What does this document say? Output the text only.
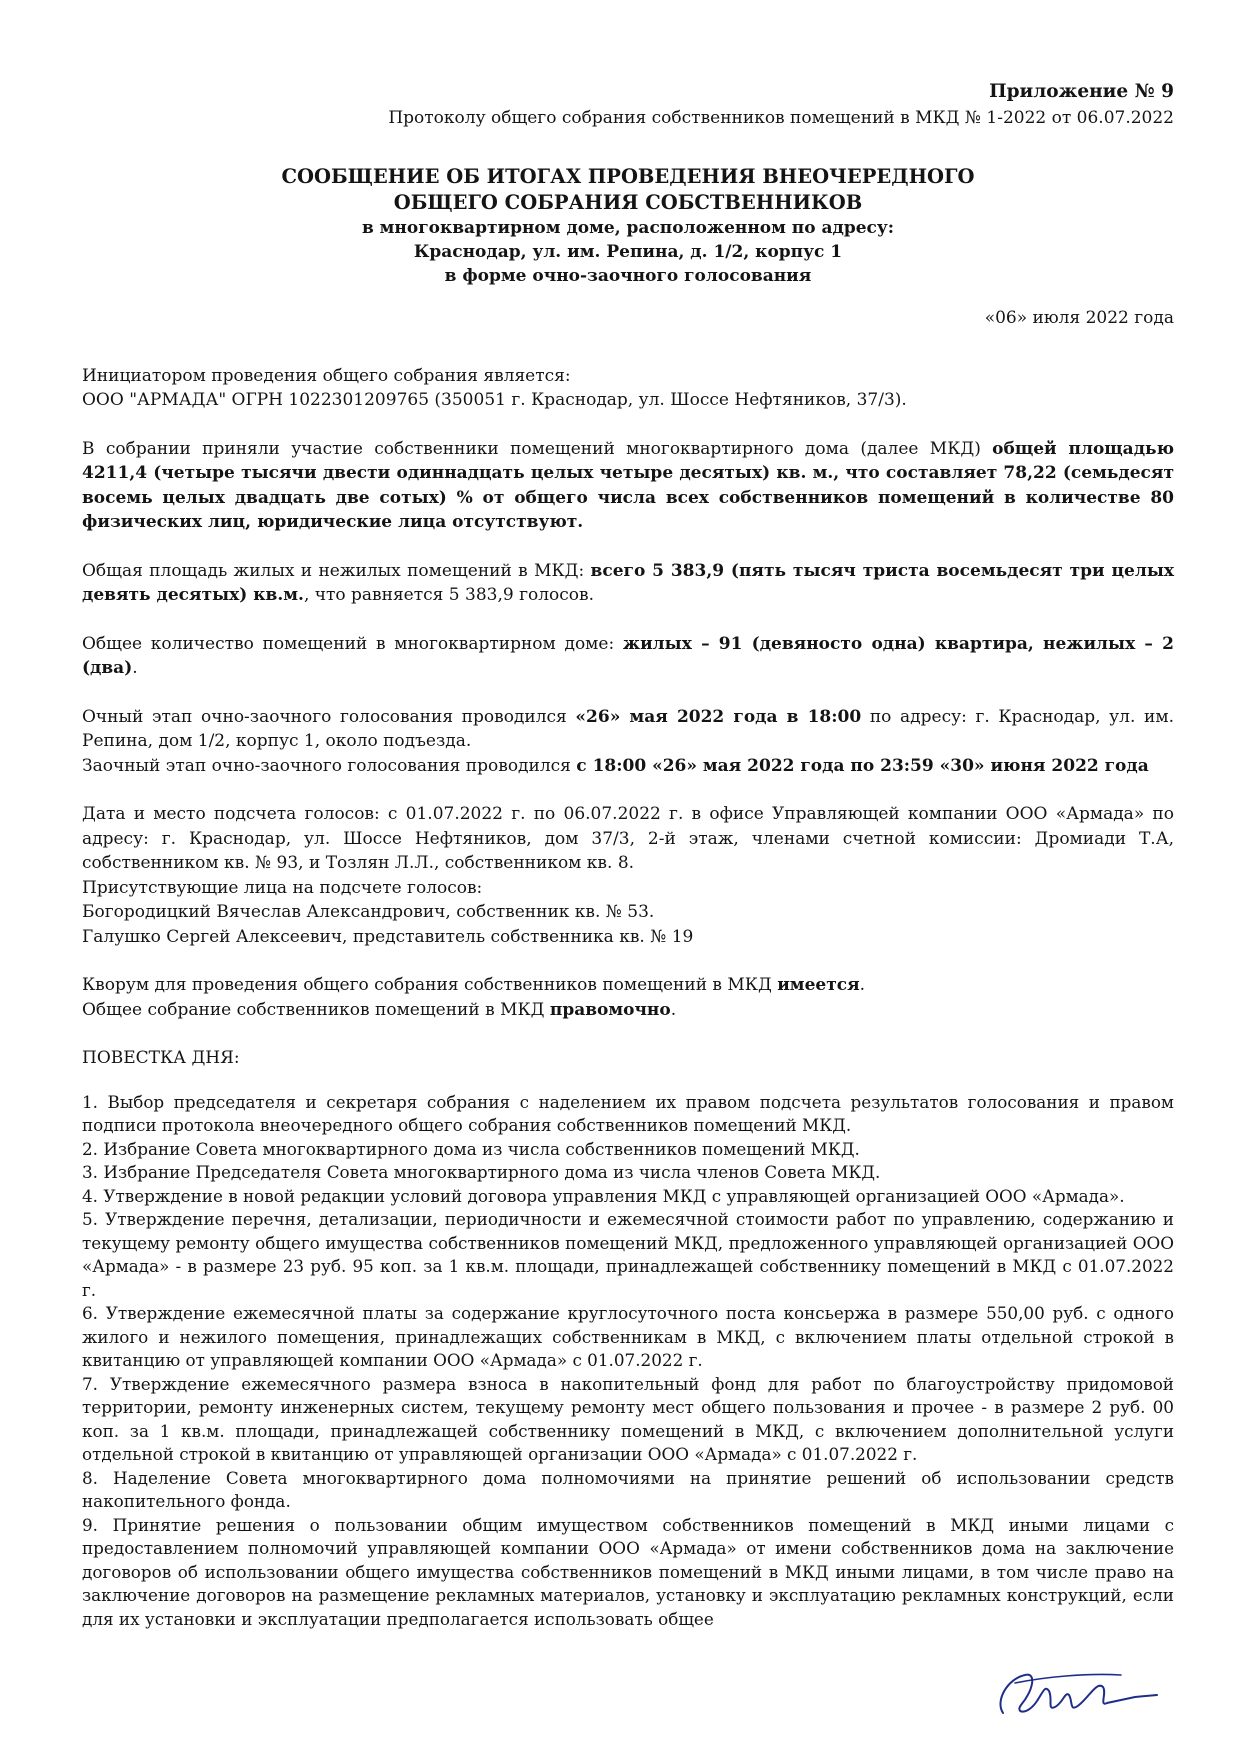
Приложение № 9
Протоколу общего собрания собственников помещений в МКД № 1-2022 от 06.07.2022
СООБЩЕНИЕ ОБ ИТОГАХ ПРОВЕДЕНИЯ ВНЕОЧЕРЕДНОГО
ОБЩЕГО СОБРАНИЯ СОБСТВЕННИКОВ
в многоквартирном доме, расположенном по адресу:
Краснодар, ул. им. Репина, д. 1/2, корпус 1
в форме очно-заочного голосования
«06» июля 2022 года

Инициатором проведения общего собрания является:

ООО "АРМАДА" ОГРН 1022301209765 (350051 г. Краснодар, ул. Шоссе Нефтяников, 37/3).

В собрании приняли участие собственники помещений многоквартирного дома (далее МКД) общей площадью 4211,4 (четыре тысячи двести одиннадцать целых четыре десятых) кв. м., что составляет 78,22 (семьдесят восемь целых двадцать две сотых) % от общего числа всех собственников помещений в количестве 80 физических лиц, юридические лица отсутствуют.

Общая площадь жилых и нежилых помещений в МКД: всего 5 383,9 (пять тысяч триста восемьдесят три целых девять десятых) кв.м., что равняется 5 383,9 голосов.

Общее количество помещений в многоквартирном доме: жилых – 91 (девяносто одна) квартира, нежилых – 2 (два).

Очный этап очно-заочного голосования проводился «26» мая 2022 года в 18:00 по адресу: г. Краснодар, ул. им. Репина, дом 1/2, корпус 1, около подъезда.

Заочный этап очно-заочного голосования проводился с 18:00 «26» мая 2022 года по 23:59 «30» июня 2022 года

Дата и место подсчета голосов: с 01.07.2022 г. по 06.07.2022 г. в офисе Управляющей компании ООО «Армада» по адресу: г. Краснодар, ул. Шоссе Нефтяников, дом 37/3, 2-й этаж, членами счетной комиссии: Дромиади Т.А, собственником кв. № 93, и Тозлян Л.Л., собственником кв. 8.

Присутствующие лица на подсчете голосов:

Богородицкий Вячеслав Александрович, собственник кв. № 53.

Галушко Сергей Алексеевич, представитель собственника кв. № 19

Кворум для проведения общего собрания собственников помещений в МКД имеется.

Общее собрание собственников помещений в МКД правомочно.

ПОВЕСТКА ДНЯ:

1. Выбор председателя и секретаря собрания с наделением их правом подсчета результатов голосования и правом подписи протокола внеочередного общего собрания собственников помещений МКД.
2. Избрание Совета многоквартирного дома из числа собственников помещений МКД.
3. Избрание Председателя Совета многоквартирного дома из числа членов Совета МКД.
4. Утверждение в новой редакции условий договора управления МКД с управляющей организацией ООО «Армада».
5. Утверждение перечня, детализации, периодичности и ежемесячной стоимости работ по управлению, содержанию и текущему ремонту общего имущества собственников помещений МКД, предложенного управляющей организацией ООО «Армада» - в размере 23 руб. 95 коп. за 1 кв.м. площади, принадлежащей собственнику помещений в МКД с 01.07.2022 г.
6. Утверждение ежемесячной платы за содержание круглосуточного поста консьержа в размере 550,00 руб. с одного жилого и нежилого помещения, принадлежащих собственникам в МКД, с включением платы отдельной строкой в квитанцию от управляющей компании ООО «Армада» с 01.07.2022 г.
7. Утверждение ежемесячного размера взноса в накопительный фонд для работ по благоустройству придомовой территории, ремонту инженерных систем, текущему ремонту мест общего пользования и прочее - в размере 2 руб. 00 коп. за 1 кв.м. площади, принадлежащей собственнику помещений в МКД, с включением дополнительной услуги отдельной строкой в квитанцию от управляющей организации ООО «Армада» с 01.07.2022 г.
8. Наделение Совета многоквартирного дома полномочиями на принятие решений об использовании средств накопительного фонда.
9. Принятие решения о пользовании общим имуществом собственников помещений в МКД иными лицами с предоставлением полномочий управляющей компании ООО «Армада» от имени собственников дома на заключение договоров об использовании общего имущества собственников помещений в МКД иными лицами, в том числе право на заключение договоров на размещение рекламных материалов, установку и эксплуатацию рекламных конструкций, если для их установки и эксплуатации предполагается использовать общее
